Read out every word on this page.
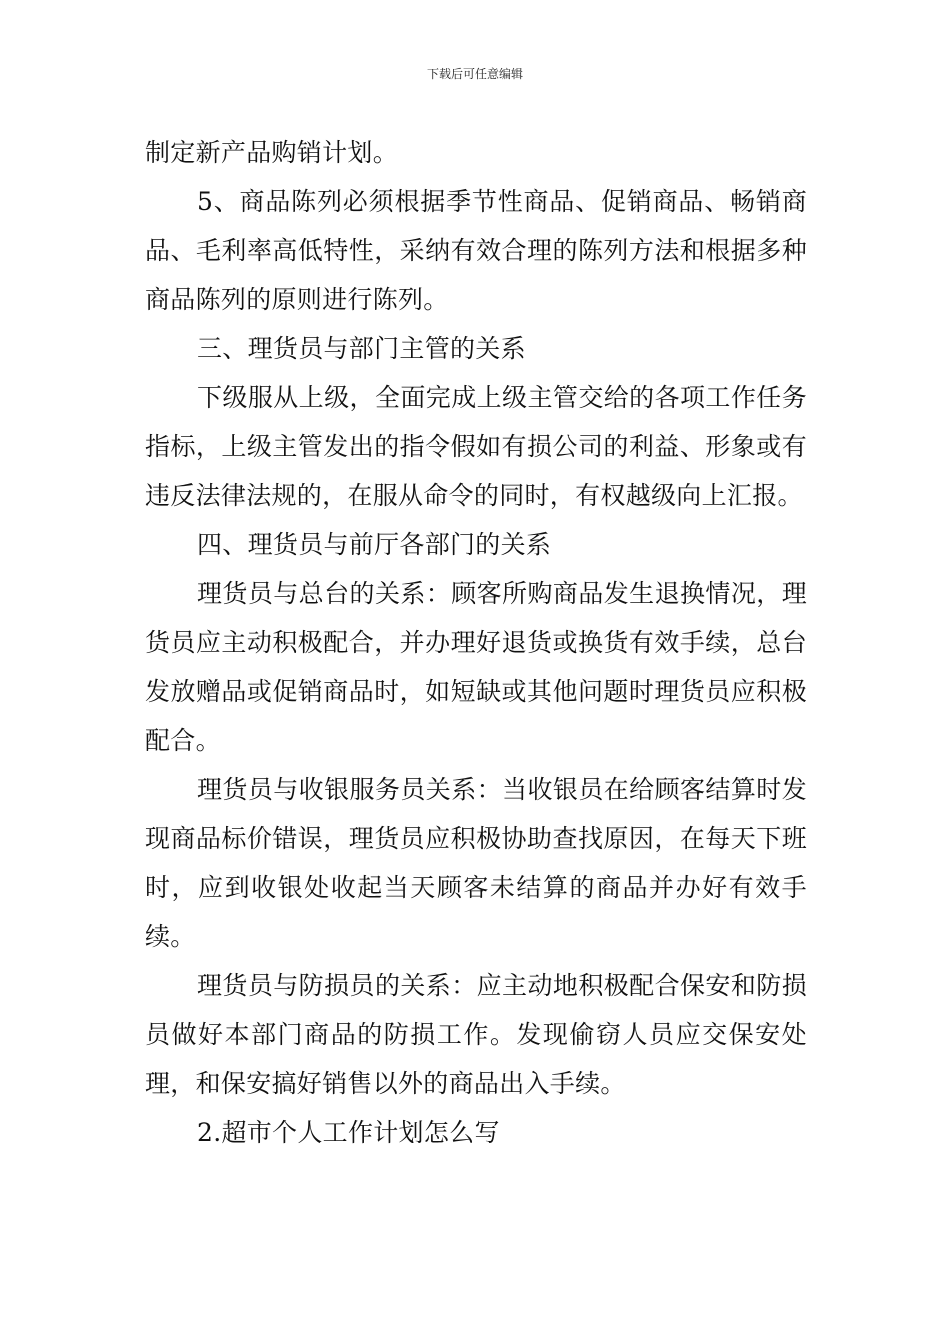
下载后可任意编辑

制定新产品购销计划。

5、商品陈列必须根据季节性商品、促销商品、畅销商品、毛利率高低特性，采纳有效合理的陈列方法和根据多种商品陈列的原则进行陈列。

三、理货员与部门主管的关系

下级服从上级，全面完成上级主管交给的各项工作任务指标，上级主管发出的指令假如有损公司的利益、形象或有违反法律法规的，在服从命令的同时，有权越级向上汇报。

四、理货员与前厅各部门的关系

理货员与总台的关系：顾客所购商品发生退换情况，理货员应主动积极配合，并办理好退货或换货有效手续，总台发放赠品或促销商品时，如短缺或其他问题时理货员应积极配合。

理货员与收银服务员关系：当收银员在给顾客结算时发现商品标价错误，理货员应积极协助查找原因，在每天下班时，应到收银处收起当天顾客未结算的商品并办好有效手续。

理货员与防损员的关系：应主动地积极配合保安和防损员做好本部门商品的防损工作。发现偷窃人员应交保安处理，和保安搞好销售以外的商品出入手续。

2.超市个人工作计划怎么写
